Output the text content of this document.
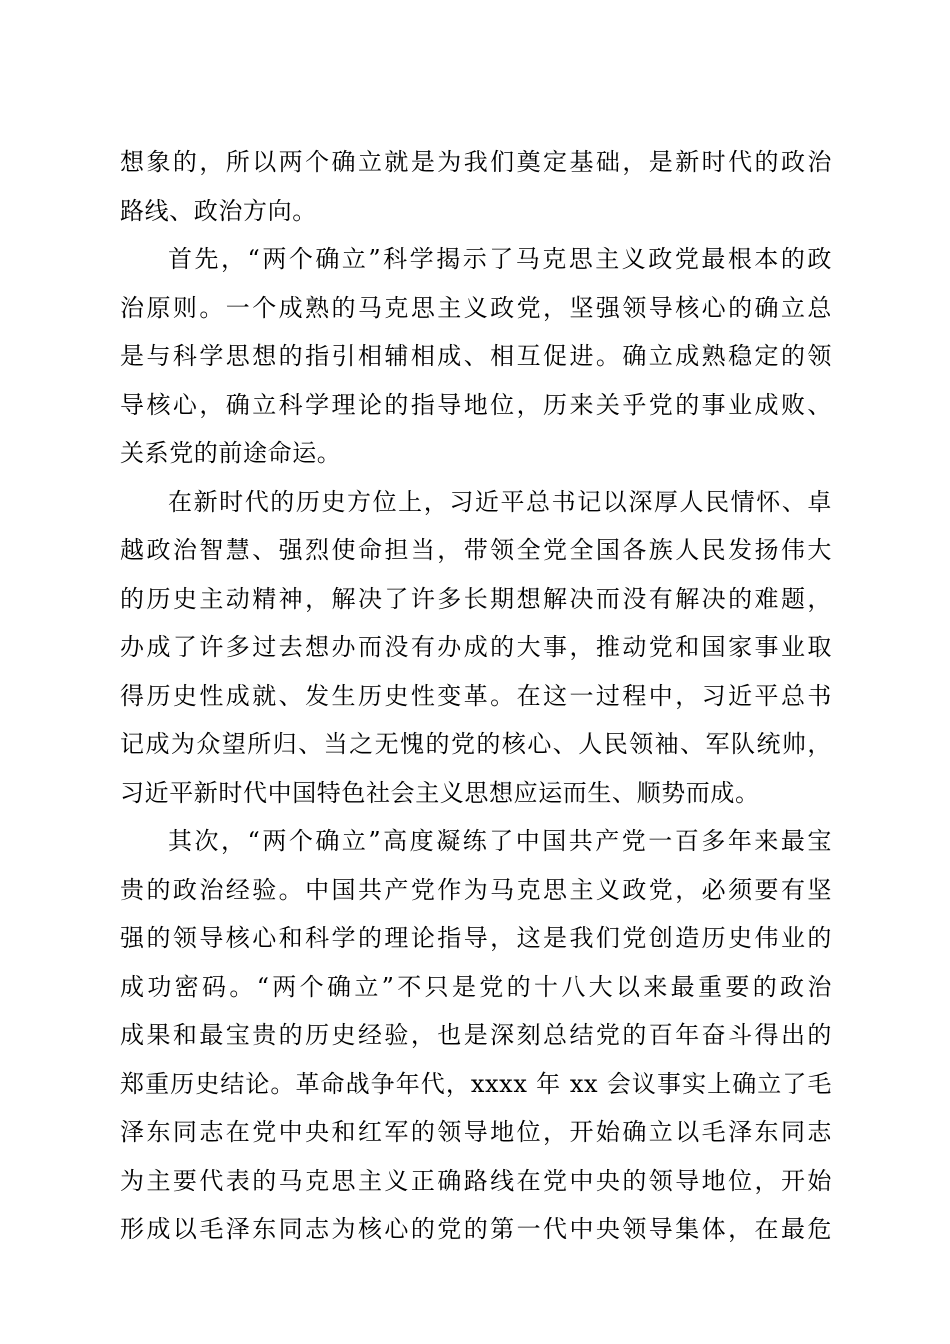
想象的，所以两个确立就是为我们奠定基础，是新时代的政治
路线、政治方向。
首先，“两个确立”科学揭示了马克思主义政党最根本的政
治原则。一个成熟的马克思主义政党，坚强领导核心的确立总
是与科学思想的指引相辅相成、相互促进。确立成熟稳定的领
导核心，确立科学理论的指导地位，历来关乎党的事业成败、
关系党的前途命运。
在新时代的历史方位上，习近平总书记以深厚人民情怀、卓
越政治智慧、强烈使命担当，带领全党全国各族人民发扬伟大
的历史主动精神，解决了许多长期想解决而没有解决的难题，
办成了许多过去想办而没有办成的大事，推动党和国家事业取
得历史性成就、发生历史性变革。在这一过程中，习近平总书
记成为众望所归、当之无愧的党的核心、人民领袖、军队统帅，
习近平新时代中国特色社会主义思想应运而生、顺势而成。
其次，“两个确立”高度凝练了中国共产党一百多年来最宝
贵的政治经验。中国共产党作为马克思主义政党，必须要有坚
强的领导核心和科学的理论指导，这是我们党创造历史伟业的
成功密码。“两个确立”不只是党的十八大以来最重要的政治
成果和最宝贵的历史经验，也是深刻总结党的百年奋斗得出的
郑重历史结论。革命战争年代，xxxx 年 xx 会议事实上确立了毛
泽东同志在党中央和红军的领导地位，开始确立以毛泽东同志
为主要代表的马克思主义正确路线在党中央的领导地位，开始
形成以毛泽东同志为核心的党的第一代中央领导集体，在最危
